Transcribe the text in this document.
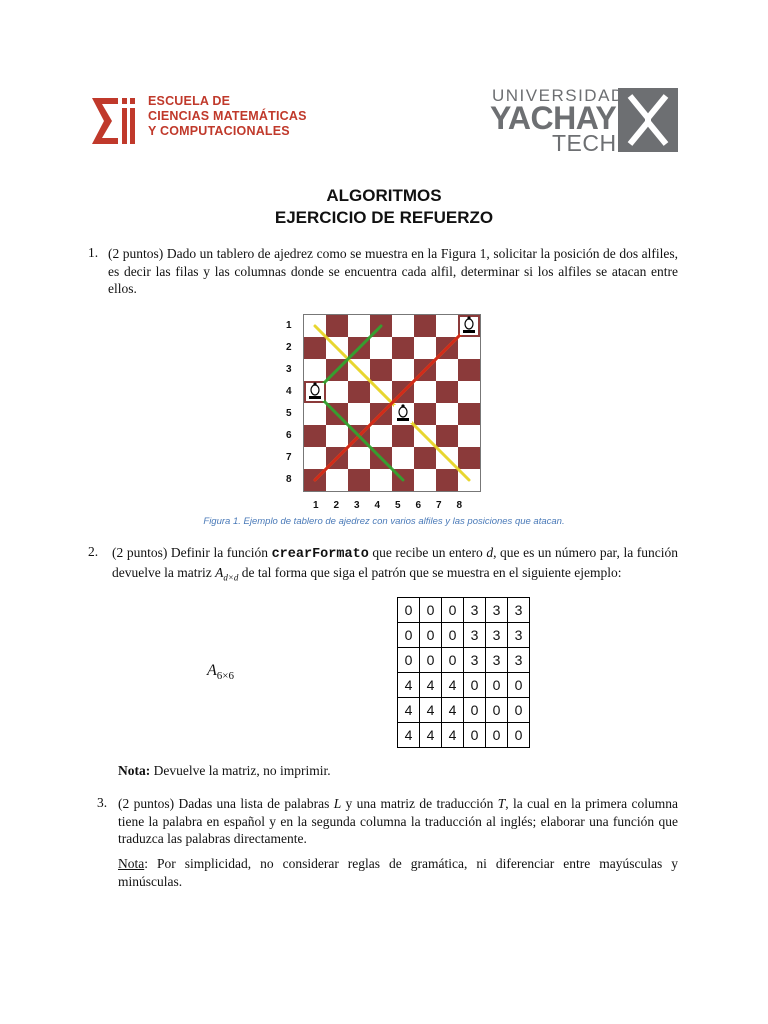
ESCUELA DE
CIENCIAS MATEMÁTICAS
Y COMPUTACIONALES
UNIVERSIDAD
YACHAY
TECH
ALGORITMOS
EJERCICIO DE REFUERZO
1. (2 puntos) Dado un tablero de ajedrez como se muestra en la Figura 1, solicitar la posición de dos alfiles, es decir las filas y las columnas donde se encuentra cada alfil, determinar si los alfiles se atacan entre ellos.
1
2
3
4
5
6
7
8
1 2 3 4 5 6 7 8
Figura 1. Ejemplo de tablero de ajedrez con varios alfiles y las posiciones que atacan.
2. (2 puntos) Definir la función crearFormato que recibe un entero d, que es un número par, la función devuelve la matriz $A_{d\times d}$ de tal forma que siga el patrón que se muestra en el siguiente ejemplo:
$A_{6\times 6}$
0	0	0	3	3	3
0	0	0	3	3	3
0	0	0	3	3	3
4	4	4	0	0	0
4	4	4	0	0	0
4	4	4	0	0	0
Nota: Devuelve la matriz, no imprimir.
3. (2 puntos) Dadas una lista de palabras L y una matriz de traducción T, la cual en la primera columna tiene la palabra en español y en la segunda columna la traducción al inglés; elaborar una función que traduzca las palabras directamente.
Nota: Por simplicidad, no considerar reglas de gramática, ni diferenciar entre mayúsculas y minúsculas.
